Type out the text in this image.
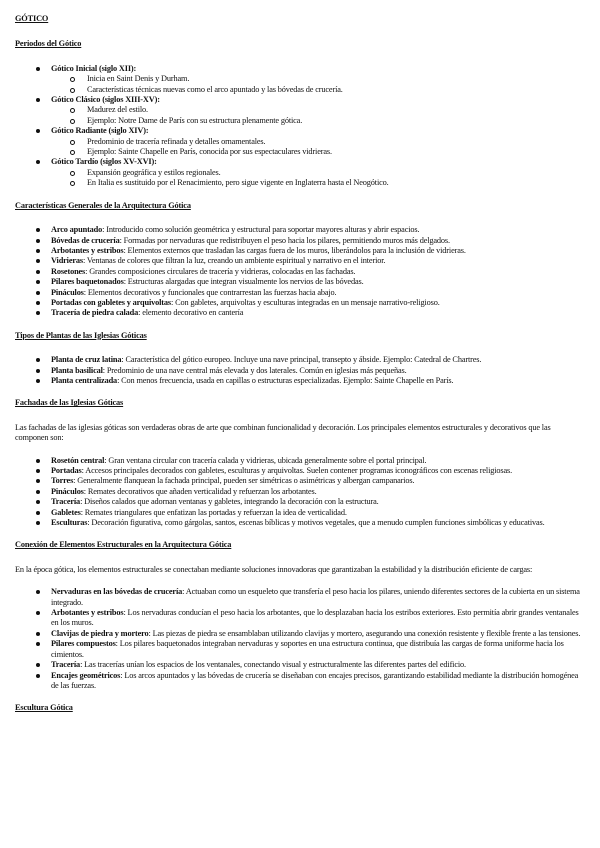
GÓTICO

Periodos del Gótico

Gótico Inicial (siglo XII):
Inicia en Saint Denis y Durham.
Características técnicas nuevas como el arco apuntado y las bóvedas de crucería.
Gótico Clásico (siglos XIII-XV):
Madurez del estilo.
Ejemplo: Notre Dame de París con su estructura plenamente gótica.
Gótico Radiante (siglo XIV):
Predominio de tracería refinada y detalles ornamentales.
Ejemplo: Sainte Chapelle en París, conocida por sus espectaculares vidrieras.
Gótico Tardío (siglos XV-XVI):
Expansión geográfica y estilos regionales.
En Italia es sustituido por el Renacimiento, pero sigue vigente en Inglaterra hasta el Neogótico.

Características Generales de la Arquitectura Gótica

Arco apuntado: Introducido como solución geométrica y estructural para soportar mayores alturas y abrir espacios.
Bóvedas de crucería: Formadas por nervaduras que redistribuyen el peso hacia los pilares, permitiendo muros más delgados.
Arbotantes y estribos: Elementos externos que trasladan las cargas fuera de los muros, liberándolos para la inclusión de vidrieras.
Vidrieras: Ventanas de colores que filtran la luz, creando un ambiente espiritual y narrativo en el interior.
Rosetones: Grandes composiciones circulares de tracería y vidrieras, colocadas en las fachadas.
Pilares baquetonados: Estructuras alargadas que integran visualmente los nervios de las bóvedas.
Pináculos: Elementos decorativos y funcionales que contrarrestan las fuerzas hacia abajo.
Portadas con gabletes y arquivoltas: Con gabletes, arquivoltas y esculturas integradas en un mensaje narrativo-religioso.
Tracería de piedra calada: elemento decorativo en cantería

Tipos de Plantas de las Iglesias Góticas

Planta de cruz latina: Característica del gótico europeo. Incluye una nave principal, transepto y ábside. Ejemplo: Catedral de Chartres.
Planta basilical: Predominio de una nave central más elevada y dos laterales. Común en iglesias más pequeñas.
Planta centralizada: Con menos frecuencia, usada en capillas o estructuras especializadas. Ejemplo: Sainte Chapelle en París.

Fachadas de las Iglesias Góticas

Las fachadas de las iglesias góticas son verdaderas obras de arte que combinan funcionalidad y decoración. Los principales elementos estructurales y decorativos que las componen son:

Rosetón central: Gran ventana circular con tracería calada y vidrieras, ubicada generalmente sobre el portal principal.
Portadas: Accesos principales decorados con gabletes, esculturas y arquivoltas. Suelen contener programas iconográficos con escenas religiosas.
Torres: Generalmente flanquean la fachada principal, pueden ser simétricas o asimétricas y albergan campanarios.
Pináculos: Remates decorativos que añaden verticalidad y refuerzan los arbotantes.
Tracería: Diseños calados que adornan ventanas y gabletes, integrando la decoración con la estructura.
Gabletes: Remates triangulares que enfatizan las portadas y refuerzan la idea de verticalidad.
Esculturas: Decoración figurativa, como gárgolas, santos, escenas bíblicas y motivos vegetales, que a menudo cumplen funciones simbólicas y educativas.

Conexión de Elementos Estructurales en la Arquitectura Gótica

En la época gótica, los elementos estructurales se conectaban mediante soluciones innovadoras que garantizaban la estabilidad y la distribución eficiente de cargas:

Nervaduras en las bóvedas de crucería: Actuaban como un esqueleto que transfería el peso hacia los pilares, uniendo diferentes sectores de la cubierta en un sistema integrado.
Arbotantes y estribos: Los nervaduras conducían el peso hacia los arbotantes, que lo desplazaban hacia los estribos exteriores. Esto permitía abrir grandes ventanales en los muros.
Clavijas de piedra y mortero: Las piezas de piedra se ensamblaban utilizando clavijas y mortero, asegurando una conexión resistente y flexible frente a las tensiones.
Pilares compuestos: Los pilares baquetonados integraban nervaduras y soportes en una estructura continua, que distribuía las cargas de forma uniforme hacia los cimientos.
Tracería: Las tracerías unían los espacios de los ventanales, conectando visual y estructuralmente las diferentes partes del edificio.
Encajes geométricos: Los arcos apuntados y las bóvedas de crucería se diseñaban con encajes precisos, garantizando estabilidad mediante la distribución homogénea de las fuerzas.

Escultura Gótica
